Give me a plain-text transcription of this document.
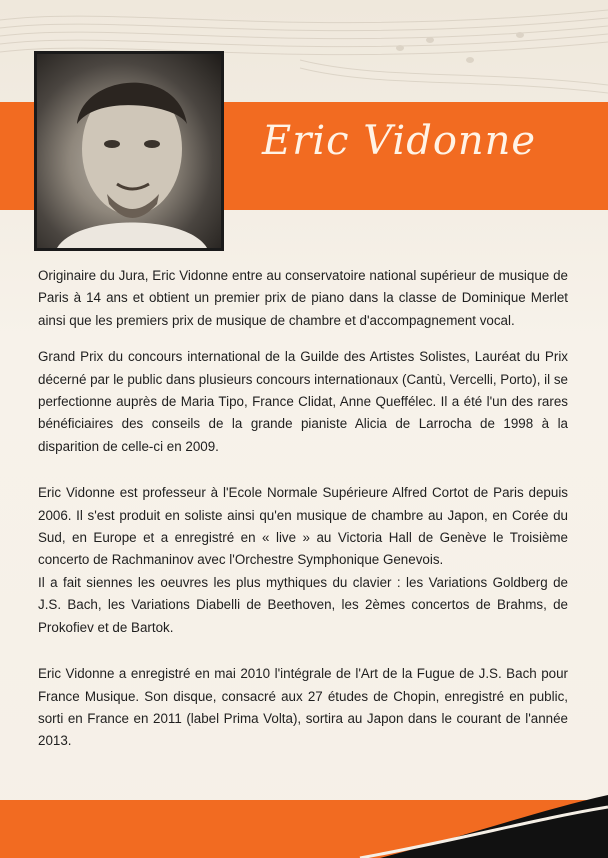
Eric Vidonne

Originaire du Jura, Eric Vidonne entre au conservatoire national supérieur de musique de Paris à 14 ans et obtient un premier prix de piano dans la classe de Dominique Merlet ainsi que les premiers prix de musique de chambre et d'accompagnement vocal.

Grand Prix du concours international de la Guilde des Artistes Solistes, Lauréat du Prix décerné par le public dans plusieurs concours internationaux (Cantù, Vercelli, Porto), il se perfectionne auprès de Maria Tipo, France Clidat, Anne Queffélec. Il a été l'un des rares bénéficiaires des conseils de la grande pianiste Alicia de Larrocha de 1998 à la disparition de celle-ci en 2009.

Eric Vidonne est professeur à l'Ecole Normale Supérieure Alfred Cortot de Paris depuis 2006. Il s'est produit en soliste ainsi qu'en musique de chambre au Japon, en Corée du Sud, en Europe et a enregistré en « live » au Victoria Hall de Genève le Troisième concerto de Rachmaninov avec l'Orchestre Symphonique Genevois.

Il a fait siennes les oeuvres les plus mythiques du clavier : les Variations Goldberg de J.S. Bach, les Variations Diabelli de Beethoven, les 2èmes concertos de Brahms, de Prokofiev et de Bartok.

Eric Vidonne a enregistré en mai 2010 l'intégrale de l'Art de la Fugue de J.S. Bach pour France Musique. Son disque, consacré aux 27 études de Chopin, enregistré en public, sorti en France en 2011 (label Prima Volta), sortira au Japon dans le courant de l'année 2013.
